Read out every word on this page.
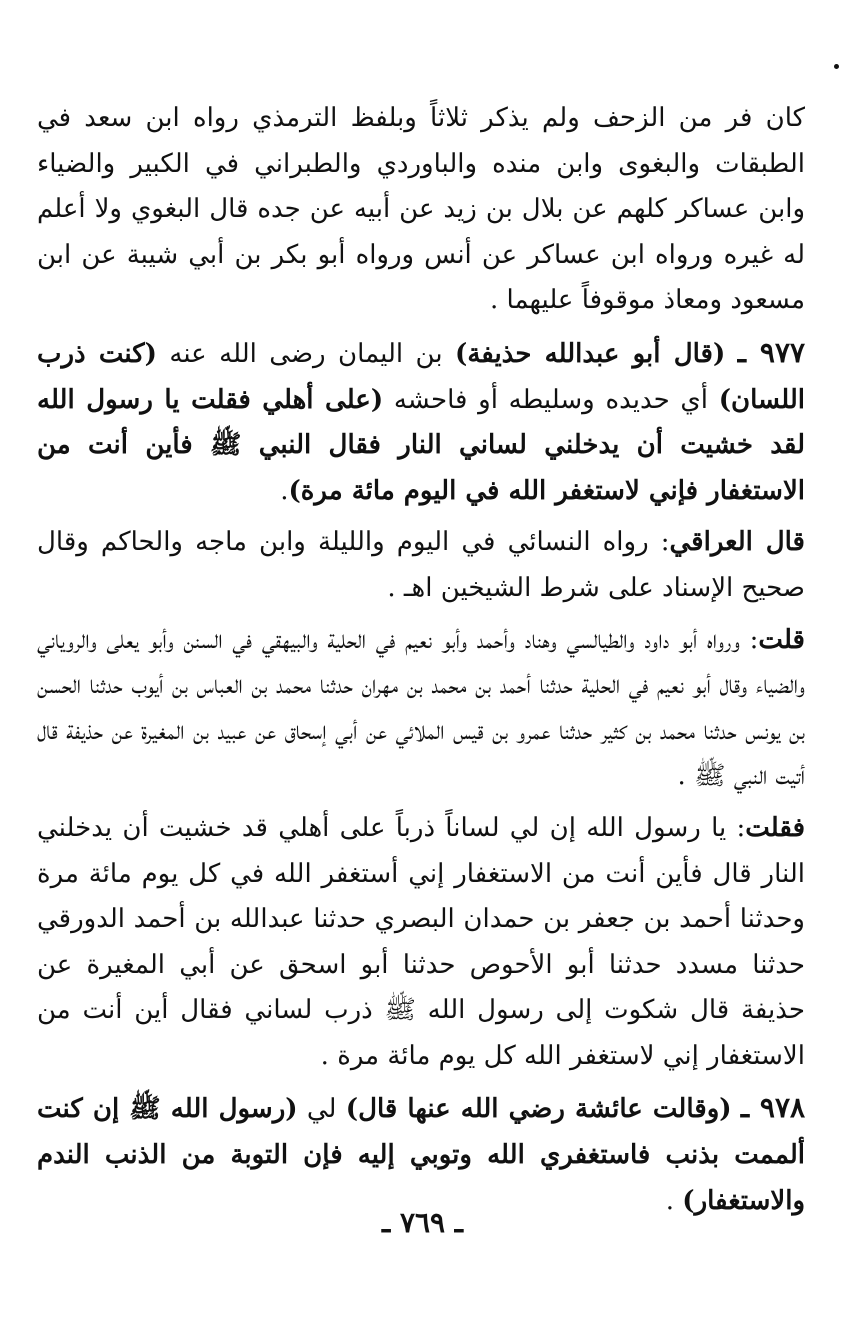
كان فر من الزحف ولم يذكر ثلاثاً وبلفظ الترمذي رواه ابن سعد في الطبقات والبغوى وابن منده والباوردي والطبراني في الكبير والضياء وابن عساكر كلهم عن بلال بن زيد عن أبيه عن جده قال البغوي ولا أعلم له غيره ورواه ابن عساكر عن أنس ورواه أبو بكر بن أبي شيبة عن ابن مسعود ومعاذ موقوفاً عليهما .

٩٧٧ ـ (قال أبو عبدالله حذيفة) بن اليمان رضى الله عنه (كنت ذرب اللسان) أي حديده وسليطه أو فاحشه (على أهلي فقلت يا رسول الله لقد خشيت أن يدخلني لساني النار فقال النبي ﷺ فأين أنت من الاستغفار فإني لاستغفر الله في اليوم مائة مرة).

قال العراقي: رواه النسائي في اليوم والليلة وابن ماجه والحاكم وقال صحيح الإسناد على شرط الشيخين اهـ .

قلت: ورواه أبو داود والطيالسي وهناد وأحمد وأبو نعيم في الحلية والبيهقي في السنن وأبو يعلى والروياني والضياء وقال أبو نعيم في الحلية حدثنا أحمد بن محمد بن مهران حدثنا محمد بن العباس بن أيوب حدثنا الحسن بن يونس حدثنا محمد بن كثير حدثنا عمرو بن قيس الملائي عن أبي إسحاق عن عبيد بن المغيرة عن حذيفة قال أتيت النبي ﷺ .

فقلت: يا رسول الله إن لي لساناً ذرباً على أهلي قد خشيت أن يدخلني النار قال فأين أنت من الاستغفار إني أستغفر الله في كل يوم مائة مرة وحدثنا أحمد بن جعفر بن حمدان البصري حدثنا عبدالله بن أحمد الدورقي حدثنا مسدد حدثنا أبو الأحوص حدثنا أبو اسحق عن أبي المغيرة عن حذيفة قال شكوت إلى رسول الله ﷺ ذرب لساني فقال أين أنت من الاستغفار إني لاستغفر الله كل يوم مائة مرة .

٩٧٨ ـ (وقالت عائشة رضي الله عنها قال) لي (رسول الله ﷺ إن كنت ألممت بذنب فاستغفري الله وتوبي إليه فإن التوبة من الذنب الندم والاستغفار) .

ـ ٧٦٩ ـ
